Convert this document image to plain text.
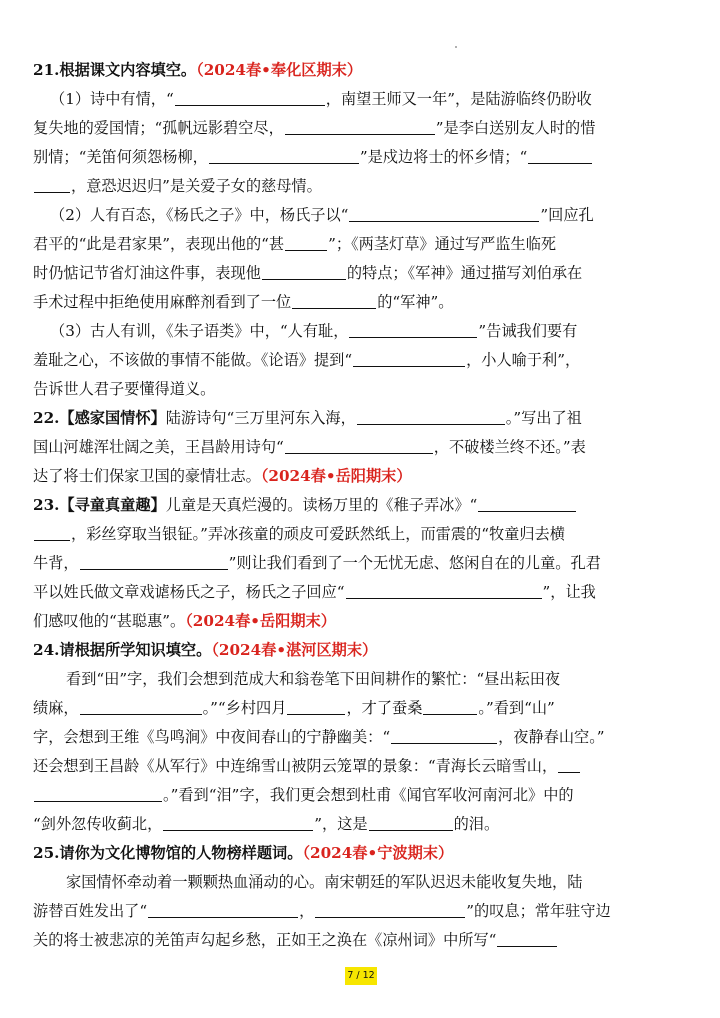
21.根据课文内容填空。（2024春•奉化区期末）
（1）诗中有情，“	，南望王师又一年”，是陆游临终仍盼收
复失地的爱国情；“孤帆远影碧空尽，	”是李白送别友人时的惜
别情；“羌笛何须怨杨柳，	”是戍边将士的怀乡情；“
，意恐迟迟归”是关爱子女的慈母情。
（2）人有百态，《杨氏之子》中，杨氏子以“	”回应孔
君平的“此是君家果”，表现出他的“甚	”；《两茎灯草》通过写严监生临死
时仍惦记节省灯油这件事，表现他	的特点；《军神》通过描写刘伯承在
手术过程中拒绝使用麻醉剂看到了一位	的“军神”。
（3）古人有训，《朱子语类》中，“人有耻，	”告诫我们要有
羞耻之心，不该做的事情不能做。《论语》提到“	，小人喻于利”，
告诉世人君子要懂得道义。
22.【感家国情怀】陆游诗句“三万里河东入海，	。”写出了祖
国山河雄浑壮阔之美，王昌龄用诗句“	，不破楼兰终不还。”表
达了将士们保家卫国的豪情壮志。（2024春•岳阳期末）
23.【寻童真童趣】儿童是天真烂漫的。读杨万里的《稚子弄冰》“
，彩丝穿取当银钲。”弄冰孩童的顽皮可爱跃然纸上，而雷震的“牧童归去横
牛背，	”则让我们看到了一个无忧无虑、悠闲自在的儿童。孔君
平以姓氏做文章戏谑杨氏之子，杨氏之子回应“	”，让我
们感叹他的“甚聪惠”。（2024春•岳阳期末）
24.请根据所学知识填空。（2024春•湛河区期末）
看到“田”字，我们会想到范成大和翁卷笔下田间耕作的繁忙：“昼出耘田夜
绩麻，	。”“乡村四月	，才了蚕桑	。”看到“山”
字，会想到王维《鸟鸣涧》中夜间春山的宁静幽美：“	，夜静春山空。”
还会想到王昌龄《从军行》中连绵雪山被阴云笼罩的景象：“青海长云暗雪山，
。”看到“泪”字，我们更会想到杜甫《闻官军收河南河北》中的
“剑外忽传收蓟北，	”，这是	的泪。
25.请你为文化博物馆的人物榜样题词。（2024春•宁波期末）
家国情怀牵动着一颗颗热血涌动的心。南宋朝廷的军队迟迟未能收复失地，陆
游替百姓发出了“	，	”的叹息；常年驻守边
关的将士被悲凉的羌笛声勾起乡愁，正如王之涣在《凉州词》中所写“
7 / 12
